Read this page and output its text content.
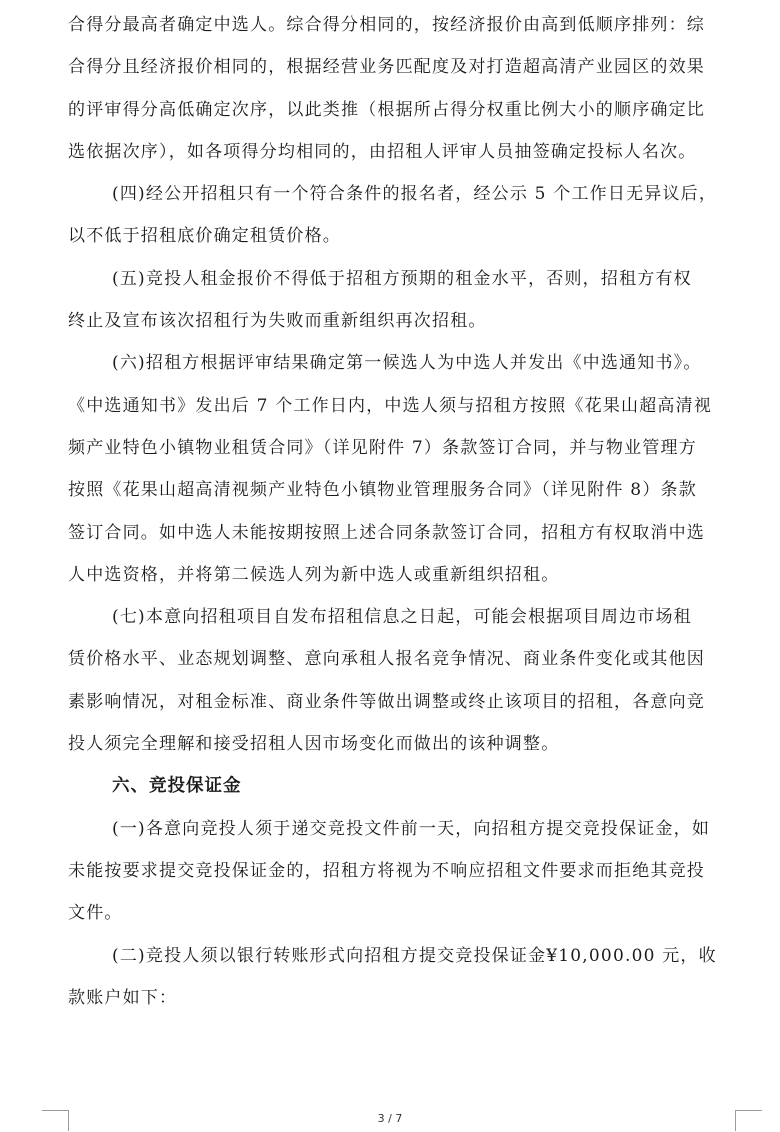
合得分最高者确定中选人。综合得分相同的，按经济报价由高到低顺序排列：综
合得分且经济报价相同的，根据经营业务匹配度及对打造超高清产业园区的效果
的评审得分高低确定次序，以此类推（根据所占得分权重比例大小的顺序确定比
选依据次序），如各项得分均相同的，由招租人评审人员抽签确定投标人名次。

(四)经公开招租只有一个符合条件的报名者，经公示 5 个工作日无异议后，
以不低于招租底价确定租赁价格。

(五)竞投人租金报价不得低于招租方预期的租金水平，否则，招租方有权
终止及宣布该次招租行为失败而重新组织再次招租。

(六)招租方根据评审结果确定第一候选人为中选人并发出《中选通知书》。
《中选通知书》发出后 7 个工作日内，中选人须与招租方按照《花果山超高清视
频产业特色小镇物业租赁合同》（详见附件 7）条款签订合同，并与物业管理方
按照《花果山超高清视频产业特色小镇物业管理服务合同》（详见附件 8）条款
签订合同。如中选人未能按期按照上述合同条款签订合同，招租方有权取消中选
人中选资格，并将第二候选人列为新中选人或重新组织招租。

(七)本意向招租项目自发布招租信息之日起，可能会根据项目周边市场租
赁价格水平、业态规划调整、意向承租人报名竞争情况、商业条件变化或其他因
素影响情况，对租金标准、商业条件等做出调整或终止该项目的招租，各意向竞
投人须完全理解和接受招租人因市场变化而做出的该种调整。

六、竞投保证金

(一)各意向竞投人须于递交竞投文件前一天，向招租方提交竞投保证金，如
未能按要求提交竞投保证金的，招租方将视为不响应招租文件要求而拒绝其竞投
文件。

(二)竞投人须以银行转账形式向招租方提交竞投保证金¥10,000.00 元，收
款账户如下：

3 / 7
